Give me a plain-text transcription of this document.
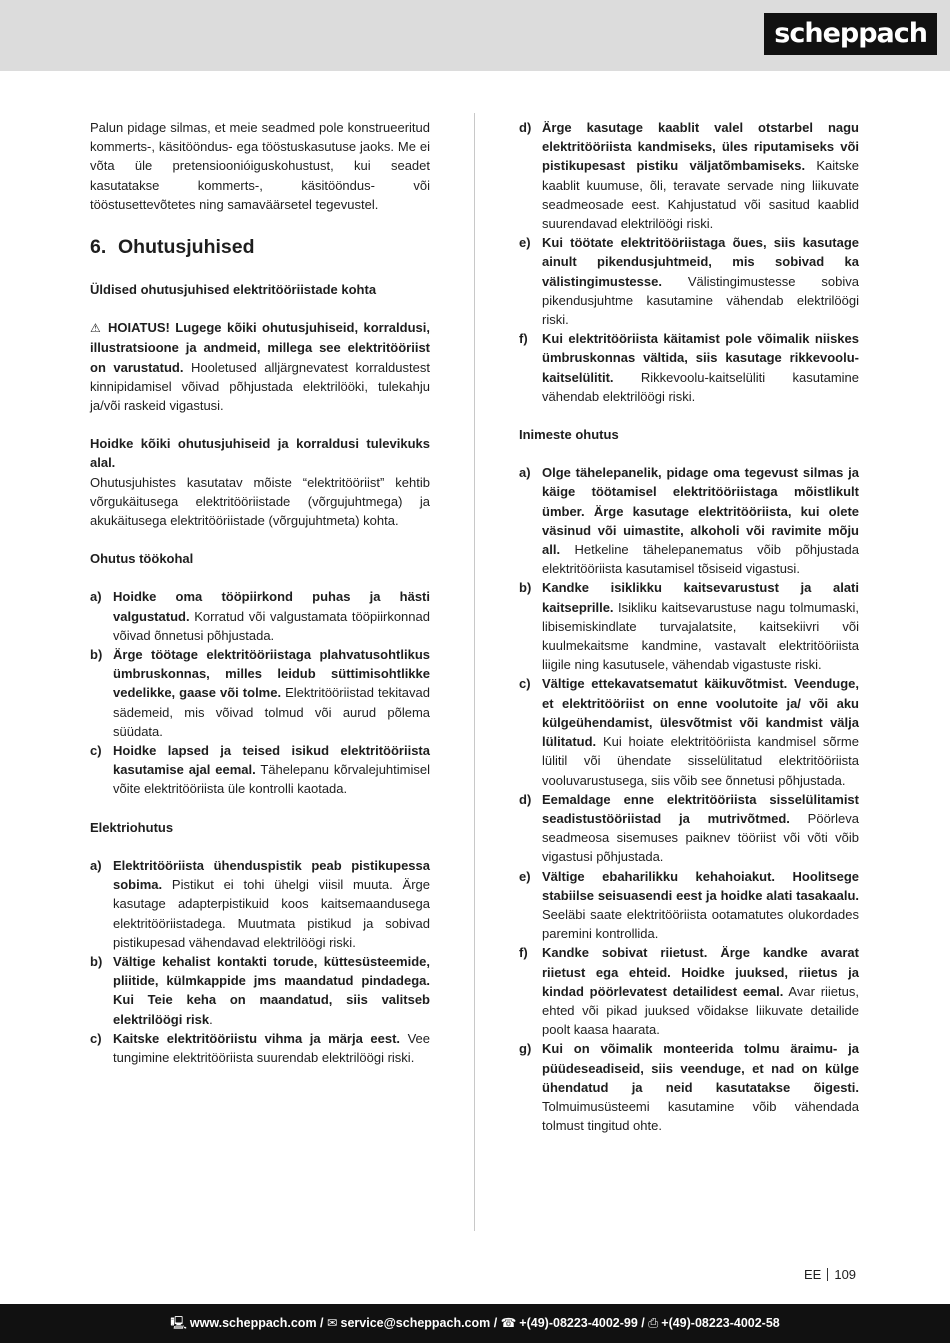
scheppach

Palun pidage silmas, et meie seadmed pole konstrueeritud kommerts-, käsitööndus- ega tööstuskasutuse jaoks. Me ei võta üle pretensioonióiguskohustust, kui seadet kasutatakse kommerts-, käsitööndus- või tööstusettevõtetes ning samaväärsetel tegevustel.

6. Ohutusjuhised

Üldised ohutusjuhised elektritööriistade kohta

⚠ HOIATUS! Lugege kõiki ohutusjuhiseid, korraldusi, illustratsioone ja andmeid, millega see elektritööriist on varustatud. Hooletused alljärgnevatest korraldustest kinnipidamisel võivad põhjustada elektrilööki, tulekahju ja/või raskeid vigastusi.

Hoidke kõiki ohutusjuhiseid ja korraldusi tulevikuks alal.

Ohutusjuhistes kasutatav mõiste “elektritööriist” kehtib võrgukäitusega elektritööriistade (võrgujuhtmega) ja akukäitusega elektritööriistade (võrgujuhtmeta) kohta.

Ohutus töökohal

a) Hoidke oma tööpiirkond puhas ja hästi valgustatud. Korratud või valgustamata tööpiirkonnad võivad õnnetusi põhjustada.
b) Ärge töötage elektritööriistaga plahvatusohtlikus ümbruskonnas, milles leidub süttimisohtlikke vedelikke, gaase või tolme. Elektritööriistad tekitavad sädemeid, mis võivad tolmud või aurud põlema süüdata.
c) Hoidke lapsed ja teised isikud elektritööriista kasutamise ajal eemal. Tähelepanu kõrvalejuhtimisel võite elektritööriista üle kontrolli kaotada.

Elektriohutus

a) Elektritööriista ühenduspistik peab pistikupessa sobima. Pistikut ei tohi ühelgi viisil muuta. Ärge kasutage adapterpistikuid koos kaitsemaandusega elektritööriistadega. Muutmata pistikud ja sobivad pistikupesad vähendavad elektrilöögi riski.
b) Vältige kehalist kontakti torude, küttesüsteemide, pliitide, külmkappide jms maandatud pindadega. Kui Teie keha on maandatud, siis valitseb elektrilöögi risk.
c) Kaitske elektritööriistu vihma ja märja eest. Vee tungimine elektritööriista suurendab elektrilöögi riski.
d) Ärge kasutage kaablit valel otstarbel nagu elektritööriista kandmiseks, üles riputamiseks või pistikupesast pistiku väljatõmbamiseks. Kaitske kaablit kuumuse, õli, teravate servade ning liikuvate seadmeosade eest. Kahjustatud või sasitud kaablid suurendavad elektrilöögi riski.
e) Kui töötate elektritööriistaga õues, siis kasutage ainult pikendusjuhtmeid, mis sobivad ka välistingimustesse. Välistingimustesse sobiva pikendusjuhtme kasutamine vähendab elektrilöögi riski.
f)	Kui elektritööriista käitamist pole võimalik niiskes ümbruskonnas vältida, siis kasutage rikkevoolu-kaitselülitit. Rikkevoolu-kaitselüliti kasutamine vähendab elektrilöögi riski.

Inimeste ohutus

a) Olge tähelepanelik, pidage oma tegevust silmas ja käige töötamisel elektritööriistaga mõistlikult ümber. Ärge kasutage elektritööriista, kui olete väsinud või uimastite, alkoholi või ravimite mõju all. Hetkeline tähelepanematus võib põhjustada elektritööriista kasutamisel tõsiseid vigastusi.
b) Kandke isiklikku kaitsevarustust ja alati kaitseprille. Isikliku kaitsevarustuse nagu tolmumaski, libisemiskindlate turvajalatsite, kaitsekiivri või kuulmekaitsme kandmine, vastavalt elektritööriista liigile ning kasutusele, vähendab vigastuste riski.
c) Vältige ettekavatsematut käikuvõtmist. Veenduge, et elektritööriist on enne voolutoite ja/ või aku külgeühendamist, ülesvõtmist või kandmist välja lülitatud. Kui hoiate elektritööriista kandmisel sõrme lülitil või ühendate sisselülitatud elektritööriista vooluvarustusega, siis võib see õnnetusi põhjustada.
d) Eemaldage enne elektritööriista sisselülitamist seadistustööriistad ja mutrivõtmed. Pöörleva seadmeosa sisemuses paiknev tööriist või võti võib vigastusi põhjustada.
e) Vältige ebaharilikku kehahoiakut. Hoolitsege stabiilse seisuasendi eest ja hoidke alati tasakaalu. Seeläbi saate elektritööriista ootamatutes olukordades paremini kontrollida.
f)	Kandke sobivat riietust. Ärge kandke avarat riietust ega ehteid. Hoidke juuksed, riietus ja kindad pöörlevatest detailidest eemal. Avar riietus, ehted või pikad juuksed võidakse liikuvate detailide poolt kaasa haarata.
g) Kui on võimalik monteerida tolmu äraimu- ja püüdeseadiseid, siis veenduge, et nad on külge ühendatud ja neid kasutatakse õigesti. Tolmuimusüsteemi kasutamine võib vähendada tolmust tingitud ohte.
EE 109
🖳 www.scheppach.com / ✉ service@scheppach.com / ☎ +(49)-08223-4002-99 / ⎙ +(49)-08223-4002-58
